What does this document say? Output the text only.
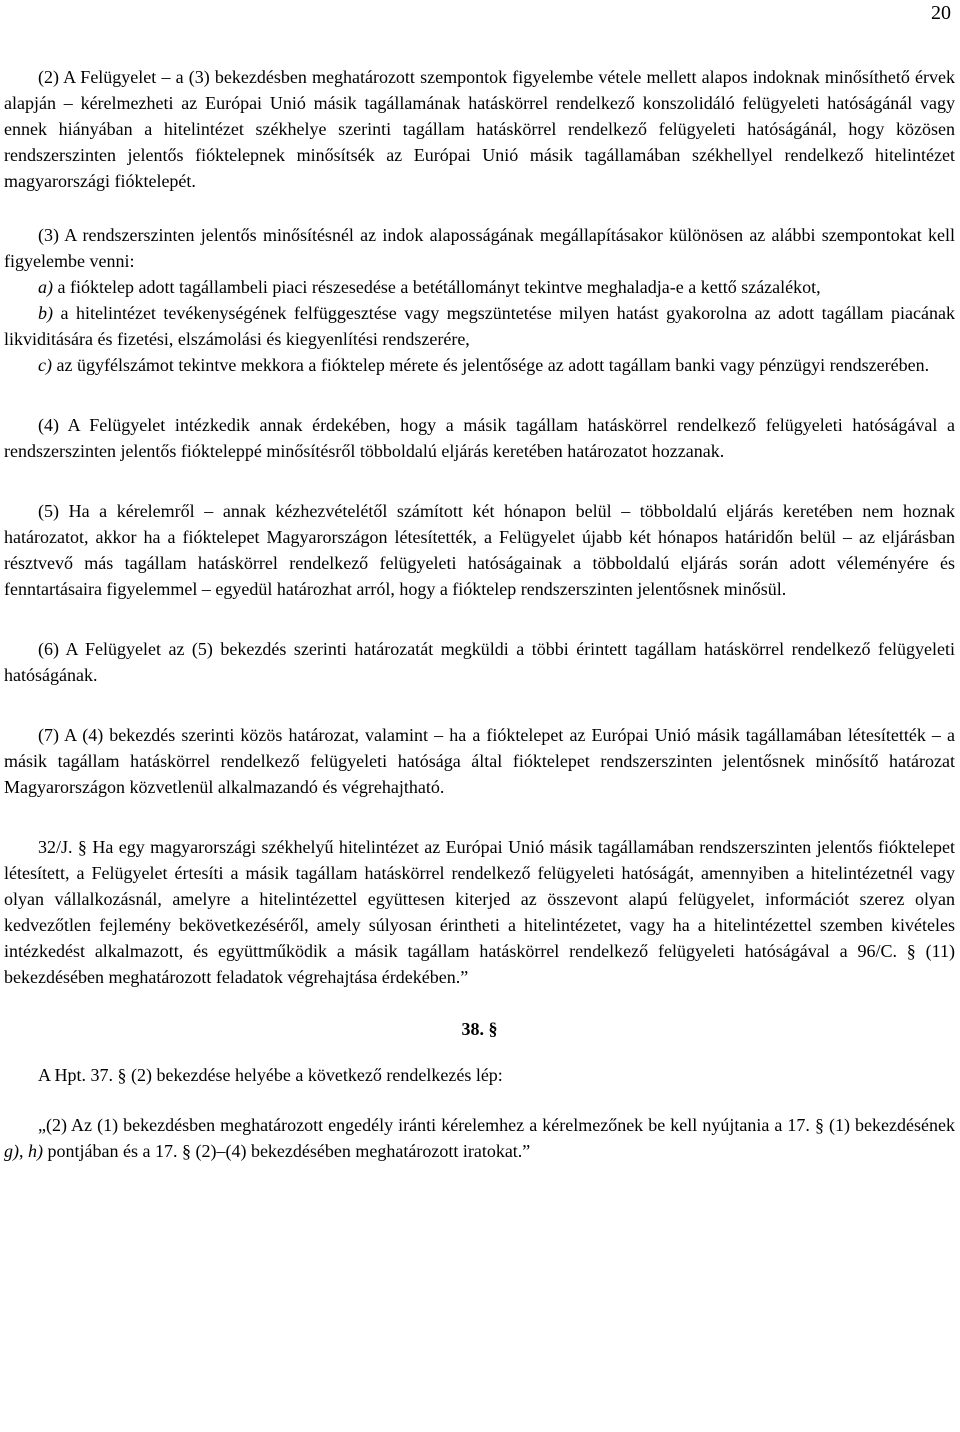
20

(2) A Felügyelet – a (3) bekezdésben meghatározott szempontok figyelembe vétele mellett alapos indoknak minősíthető érvek alapján – kérelmezheti az Európai Unió másik tagállamának hatáskörrel rendelkező konszolidáló felügyeleti hatóságánál vagy ennek hiányában a hitelintézet székhelye szerinti tagállam hatáskörrel rendelkező felügyeleti hatóságánál, hogy közösen rendszerszinten jelentős fióktelepnek minősítsék az Európai Unió másik tagállamában székhellyel rendelkező hitelintézet magyarországi fióktelepét.

(3) A rendszerszinten jelentős minősítésnél az indok alaposságának megállapításakor különösen az alábbi szempontokat kell figyelembe venni:

a) a fióktelep adott tagállambeli piaci részesedése a betétállományt tekintve meghaladja-e a kettő százalékot,

b) a hitelintézet tevékenységének felfüggesztése vagy megszüntetése milyen hatást gyakorolna az adott tagállam piacának likviditására és fizetési, elszámolási és kiegyenlítési rendszerére,

c) az ügyfélszámot tekintve mekkora a fióktelep mérete és jelentősége az adott tagállam banki vagy pénzügyi rendszerében.

(4) A Felügyelet intézkedik annak érdekében, hogy a másik tagállam hatáskörrel rendelkező felügyeleti hatóságával a rendszerszinten jelentős fiókteleppé minősítésről többoldalú eljárás keretében határozatot hozzanak.

(5) Ha a kérelemről – annak kézhezvételétől számított két hónapon belül – többoldalú eljárás keretében nem hoznak határozatot, akkor ha a fióktelepet Magyarországon létesítették, a Felügyelet újabb két hónapos határidőn belül – az eljárásban résztvevő más tagállam hatáskörrel rendelkező felügyeleti hatóságainak a többoldalú eljárás során adott véleményére és fenntartásaira figyelemmel – egyedül határozhat arról, hogy a fióktelep rendszerszinten jelentősnek minősül.

(6) A Felügyelet az (5) bekezdés szerinti határozatát megküldi a többi érintett tagállam hatáskörrel rendelkező felügyeleti hatóságának.

(7) A (4) bekezdés szerinti közös határozat, valamint – ha a fióktelepet az Európai Unió másik tagállamában létesítették – a másik tagállam hatáskörrel rendelkező felügyeleti hatósága által fióktelepet rendszerszinten jelentősnek minősítő határozat Magyarországon közvetlenül alkalmazandó és végrehajtható.

32/J. § Ha egy magyarországi székhelyű hitelintézet az Európai Unió másik tagállamában rendszerszinten jelentős fióktelepet létesített, a Felügyelet értesíti a másik tagállam hatáskörrel rendelkező felügyeleti hatóságát, amennyiben a hitelintézetnél vagy olyan vállalkozásnál, amelyre a hitelintézettel együttesen kiterjed az összevont alapú felügyelet, információt szerez olyan kedvezőtlen fejlemény bekövetkezéséről, amely súlyosan érintheti a hitelintézetet, vagy ha a hitelintézettel szemben kivételes intézkedést alkalmazott, és együttműködik a másik tagállam hatáskörrel rendelkező felügyeleti hatóságával a 96/C. § (11) bekezdésében meghatározott feladatok végrehajtása érdekében.”

38. §

A Hpt. 37. § (2) bekezdése helyébe a következő rendelkezés lép:

„(2) Az (1) bekezdésben meghatározott engedély iránti kérelemhez a kérelmezőnek be kell nyújtania a 17. § (1) bekezdésének g), h) pontjában és a 17. § (2)–(4) bekezdésében meghatározott iratokat.”
